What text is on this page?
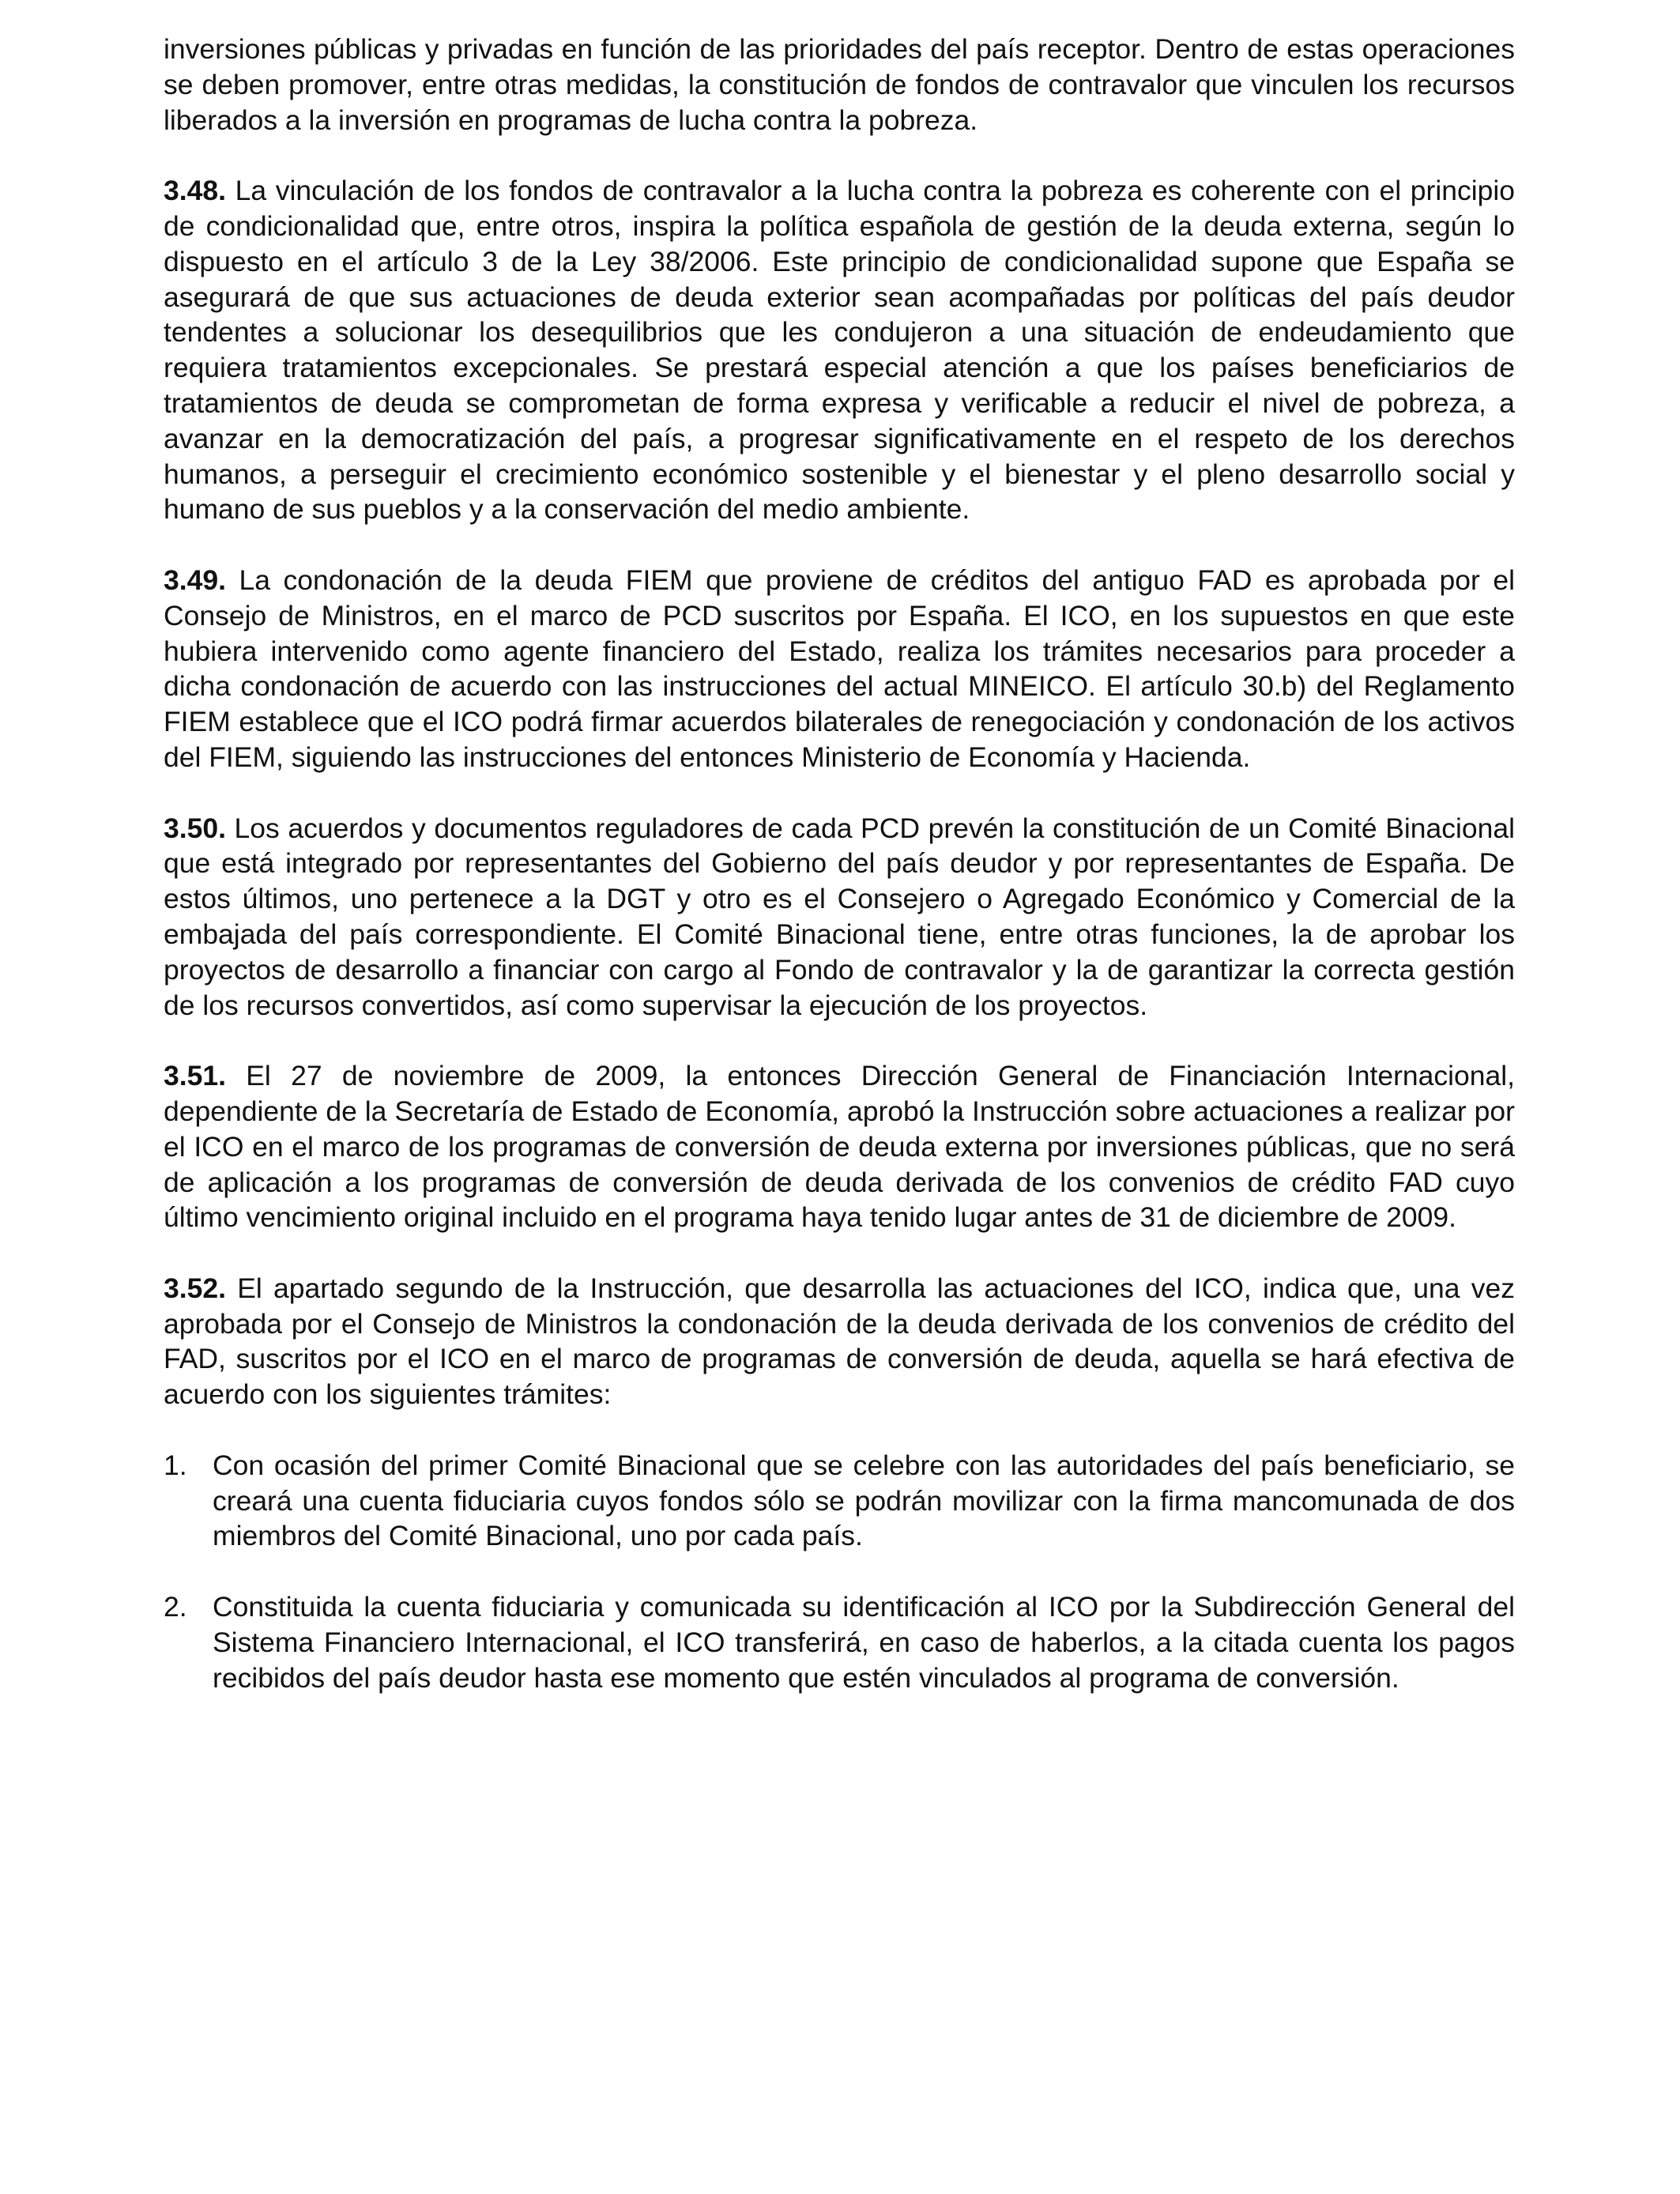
inversiones públicas y privadas en función de las prioridades del país receptor. Dentro de estas operaciones se deben promover, entre otras medidas, la constitución de fondos de contravalor que vinculen los recursos liberados a la inversión en programas de lucha contra la pobreza.

3.48. La vinculación de los fondos de contravalor a la lucha contra la pobreza es coherente con el principio de condicionalidad que, entre otros, inspira la política española de gestión de la deuda externa, según lo dispuesto en el artículo 3 de la Ley 38/2006. Este principio de condicionalidad supone que España se asegurará de que sus actuaciones de deuda exterior sean acompañadas por políticas del país deudor tendentes a solucionar los desequilibrios que les condujeron a una situación de endeudamiento que requiera tratamientos excepcionales. Se prestará especial atención a que los países beneficiarios de tratamientos de deuda se comprometan de forma expresa y verificable a reducir el nivel de pobreza, a avanzar en la democratización del país, a progresar significativamente en el respeto de los derechos humanos, a perseguir el crecimiento económico sostenible y el bienestar y el pleno desarrollo social y humano de sus pueblos y a la conservación del medio ambiente.

3.49. La condonación de la deuda FIEM que proviene de créditos del antiguo FAD es aprobada por el Consejo de Ministros, en el marco de PCD suscritos por España. El ICO, en los supuestos en que este hubiera intervenido como agente financiero del Estado, realiza los trámites necesarios para proceder a dicha condonación de acuerdo con las instrucciones del actual MINEICO. El artículo 30.b) del Reglamento FIEM establece que el ICO podrá firmar acuerdos bilaterales de renegociación y condonación de los activos del FIEM, siguiendo las instrucciones del entonces Ministerio de Economía y Hacienda.

3.50. Los acuerdos y documentos reguladores de cada PCD prevén la constitución de un Comité Binacional que está integrado por representantes del Gobierno del país deudor y por representantes de España. De estos últimos, uno pertenece a la DGT y otro es el Consejero o Agregado Económico y Comercial de la embajada del país correspondiente. El Comité Binacional tiene, entre otras funciones, la de aprobar los proyectos de desarrollo a financiar con cargo al Fondo de contravalor y la de garantizar la correcta gestión de los recursos convertidos, así como supervisar la ejecución de los proyectos.

3.51. El 27 de noviembre de 2009, la entonces Dirección General de Financiación Internacional, dependiente de la Secretaría de Estado de Economía, aprobó la Instrucción sobre actuaciones a realizar por el ICO en el marco de los programas de conversión de deuda externa por inversiones públicas, que no será de aplicación a los programas de conversión de deuda derivada de los convenios de crédito FAD cuyo último vencimiento original incluido en el programa haya tenido lugar antes de 31 de diciembre de 2009.

3.52. El apartado segundo de la Instrucción, que desarrolla las actuaciones del ICO, indica que, una vez aprobada por el Consejo de Ministros la condonación de la deuda derivada de los convenios de crédito del FAD, suscritos por el ICO en el marco de programas de conversión de deuda, aquella se hará efectiva de acuerdo con los siguientes trámites:

1. Con ocasión del primer Comité Binacional que se celebre con las autoridades del país beneficiario, se creará una cuenta fiduciaria cuyos fondos sólo se podrán movilizar con la firma mancomunada de dos miembros del Comité Binacional, uno por cada país.
2. Constituida la cuenta fiduciaria y comunicada su identificación al ICO por la Subdirección General del Sistema Financiero Internacional, el ICO transferirá, en caso de haberlos, a la citada cuenta los pagos recibidos del país deudor hasta ese momento que estén vinculados al programa de conversión.
